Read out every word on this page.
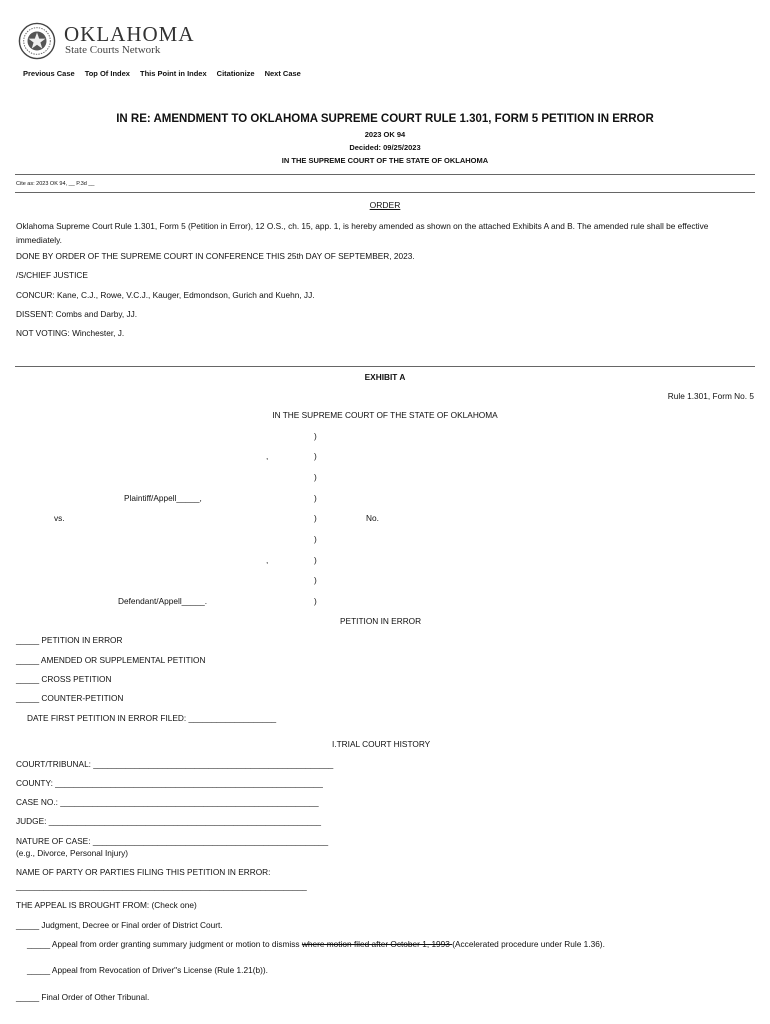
OKLAHOMA
State Courts Network
Previous Case Top Of Index This Point in Index Citationize Next Case
IN RE: AMENDMENT TO OKLAHOMA SUPREME COURT RULE 1.301, FORM 5 PETITION IN ERROR
2023 OK 94
Decided: 09/25/2023
IN THE SUPREME COURT OF THE STATE OF OKLAHOMA
Cite as: 2023 OK 94, __ P.3d __
ORDER
Oklahoma Supreme Court Rule 1.301, Form 5 (Petition in Error), 12 O.S., ch. 15, app. 1, is hereby amended as shown on the attached Exhibits A and B. The amended rule shall be effective immediately.
DONE BY ORDER OF THE SUPREME COURT IN CONFERENCE THIS 25th DAY OF SEPTEMBER, 2023.
/S/CHIEF JUSTICE
CONCUR: Kane, C.J., Rowe, V.C.J., Kauger, Edmondson, Gurich and Kuehn, JJ.
DISSENT: Combs and Darby, JJ.
NOT VOTING: Winchester, J.
EXHIBIT A
Rule 1.301, Form No. 5
IN THE SUPREME COURT OF THE STATE OF OKLAHOMA
)
,	)
)
Plaintiff/Appell_____,	)
vs.	)	No.
)
,	)
)
Defendant/Appell_____.	)
PETITION IN ERROR
_____ PETITION IN ERROR
_____ AMENDED OR SUPPLEMENTAL PETITION
_____ CROSS PETITION
_____ COUNTER-PETITION
DATE FIRST PETITION IN ERROR FILED: ___________________
I.TRIAL COURT HISTORY
COURT/TRIBUNAL: ____________________________________________________
COUNTY: __________________________________________________________
CASE NO.: ________________________________________________________
JUDGE: ___________________________________________________________
NATURE OF CASE: ___________________________________________________
(e.g., Divorce, Personal Injury)
NAME OF PARTY OR PARTIES FILING THIS PETITION IN ERROR:
_______________________________________________________________
THE APPEAL IS BROUGHT FROM: (Check one)
_____ Judgment, Decree or Final order of District Court.
_____ Appeal from order granting summary judgment or motion to dismiss where motion filed after October 1, 1993 (Accelerated procedure under Rule 1.36).
_____ Appeal from Revocation of Driver"s License (Rule 1.21(b)).
_____ Final Order of Other Tribunal.
